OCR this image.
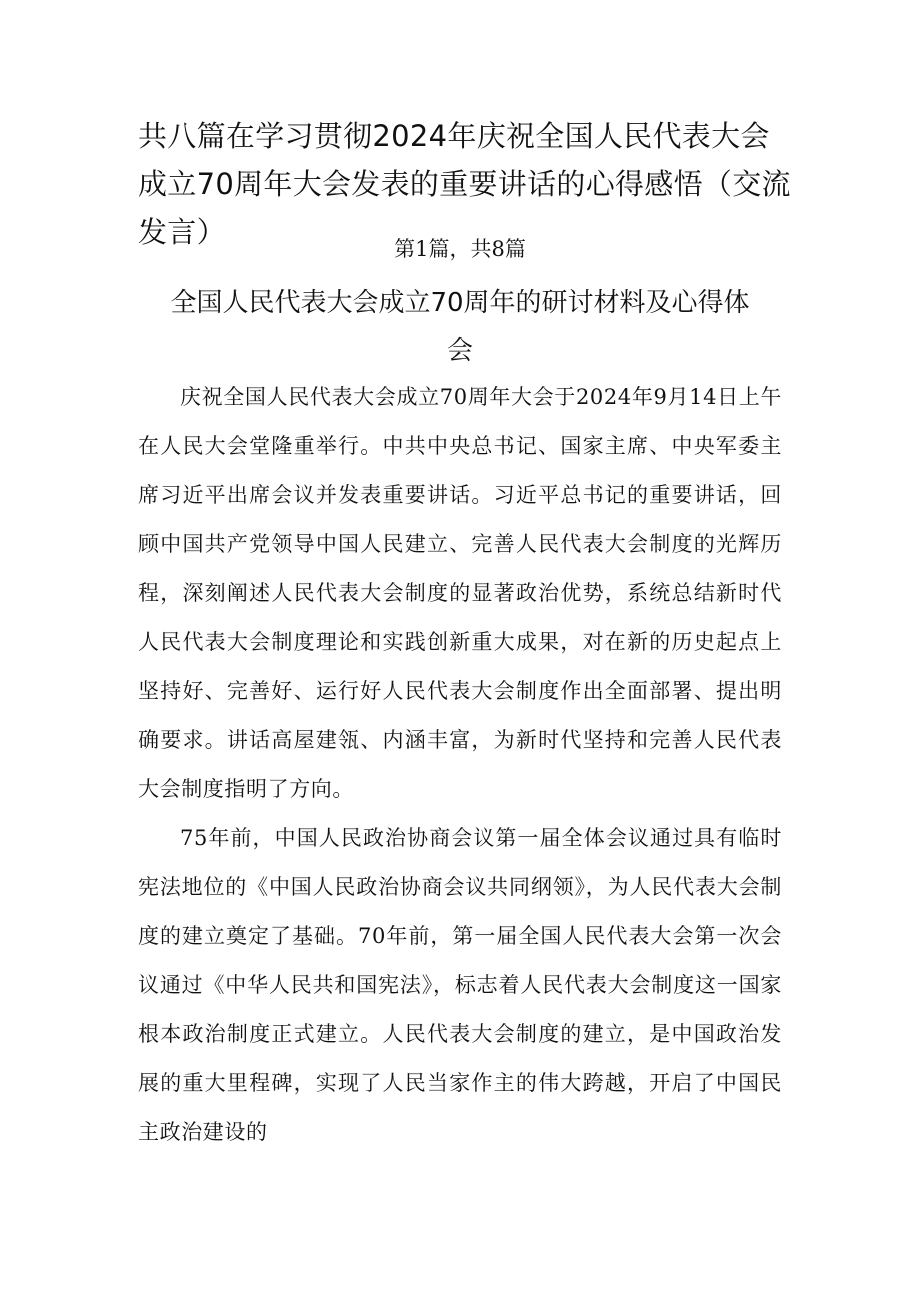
共八篇在学习贯彻2024年庆祝全国人民代表大会成立70周年大会发表的重要讲话的心得感悟（交流发言）	第1篇，共8篇
全国人民代表大会成立70周年的研讨材料及心得体会

庆祝全国人民代表大会成立70周年大会于2024年9月14日上午在人民大会堂隆重举行。中共中央总书记、国家主席、中央军委主席习近平出席会议并发表重要讲话。习近平总书记的重要讲话，回顾中国共产党领导中国人民建立、完善人民代表大会制度的光辉历程，深刻阐述人民代表大会制度的显著政治优势，系统总结新时代人民代表大会制度理论和实践创新重大成果，对在新的历史起点上坚持好、完善好、运行好人民代表大会制度作出全面部署、提出明确要求。讲话高屋建瓴、内涵丰富，为新时代坚持和完善人民代表大会制度指明了方向。

75年前，中国人民政治协商会议第一届全体会议通过具有临时宪法地位的《中国人民政治协商会议共同纲领》，为人民代表大会制度的建立奠定了基础。70年前，第一届全国人民代表大会第一次会议通过《中华人民共和国宪法》，标志着人民代表大会制度这一国家根本政治制度正式建立。人民代表大会制度的建立，是中国政治发展的重大里程碑，实现了人民当家作主的伟大跨越，开启了中国民主政治建设的
